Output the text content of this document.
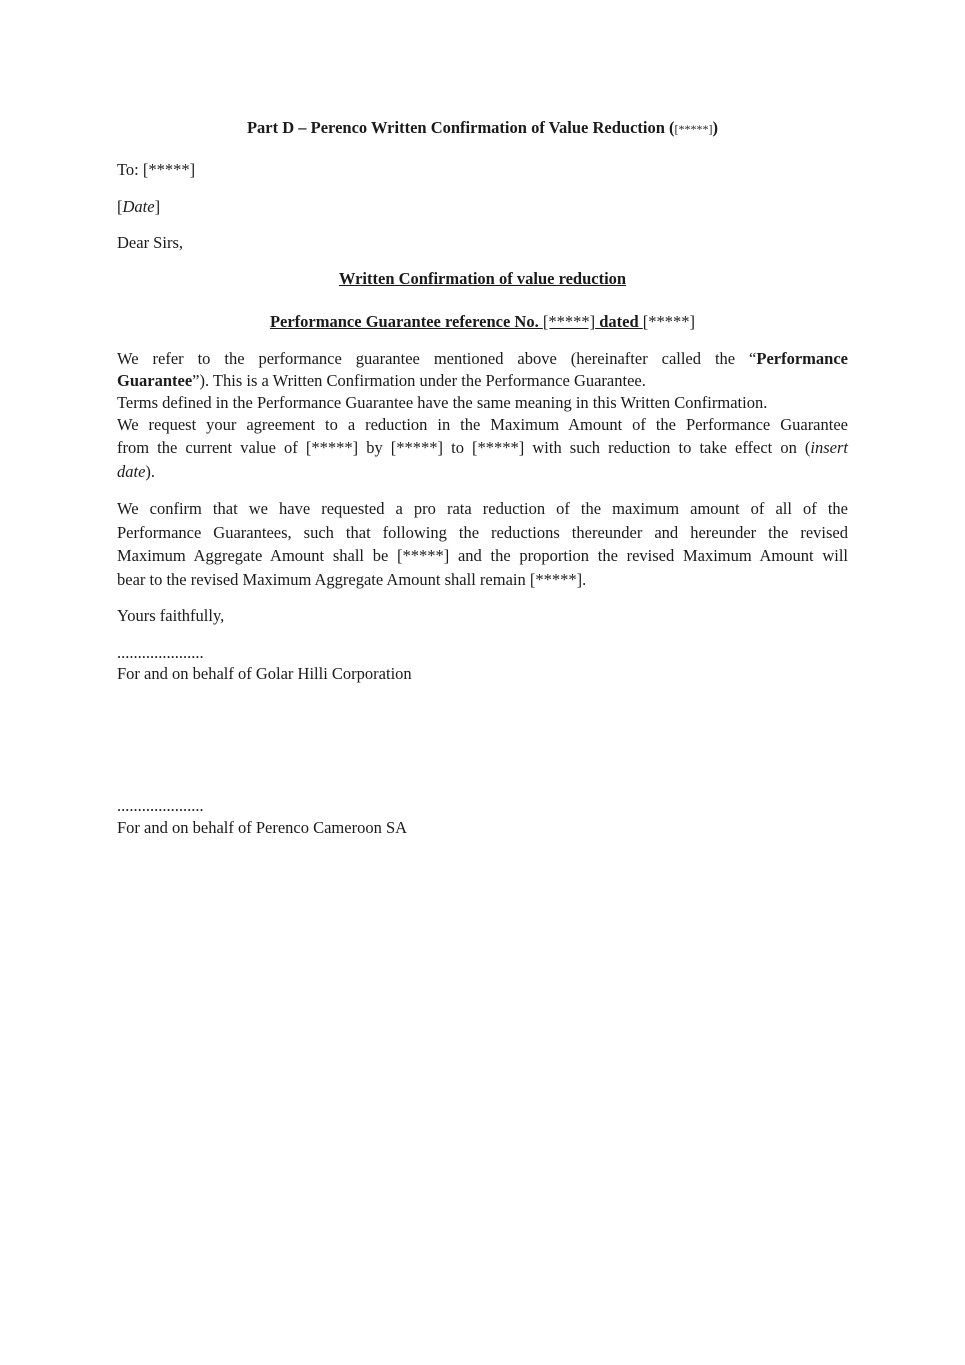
Part D – Perenco Written Confirmation of Value Reduction ([*****])
To: [*****]
[Date]
Dear Sirs,
Written Confirmation of value reduction
Performance Guarantee reference No. [*****] dated [*****]
We refer to the performance guarantee mentioned above (hereinafter called the “Performance
Guarantee”). This is a Written Confirmation under the Performance Guarantee.
Terms defined in the Performance Guarantee have the same meaning in this Written Confirmation.
We request your agreement to a reduction in the Maximum Amount of the Performance Guarantee
from the current value of [*****] by [*****] to [*****] with such reduction to take effect on (insert
date).
We confirm that we have requested a pro rata reduction of the maximum amount of all of the
Performance Guarantees, such that following the reductions thereunder and hereunder the revised
Maximum Aggregate Amount shall be [*****] and the proportion the revised Maximum Amount will
bear to the revised Maximum Aggregate Amount shall remain [*****].
Yours faithfully,
.....................
For and on behalf of Golar Hilli Corporation
.....................
For and on behalf of Perenco Cameroon SA
